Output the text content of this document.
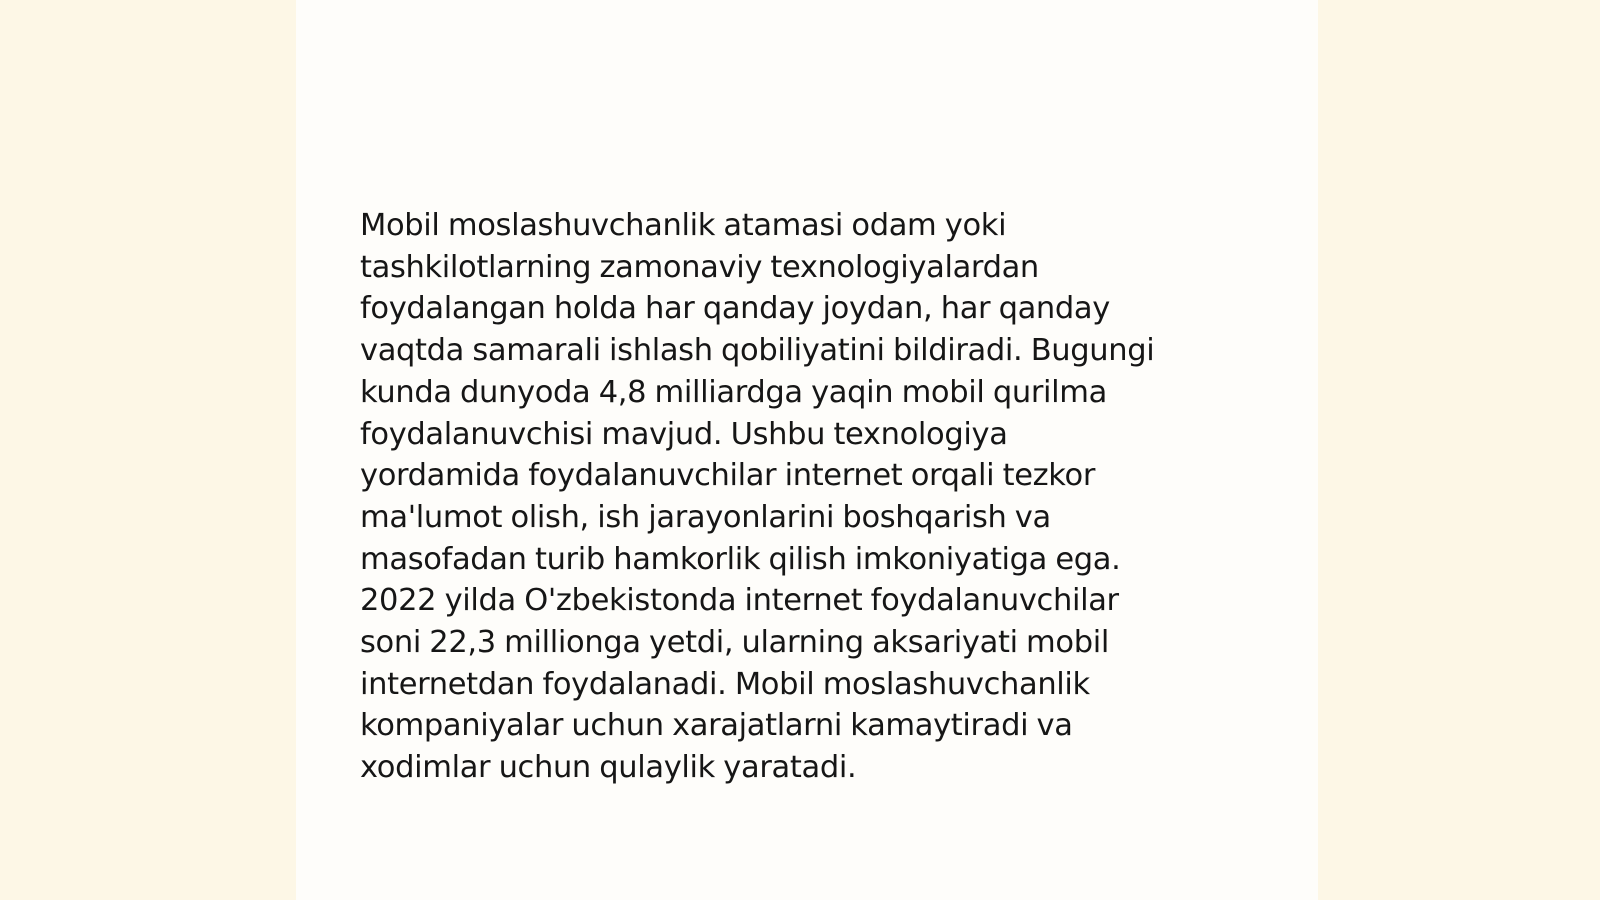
Mobil moslashuvchanlik atamasi odam yoki
tashkilotlarning zamonaviy texnologiyalardan
foydalangan holda har qanday joydan, har qanday
vaqtda samarali ishlash qobiliyatini bildiradi. Bugungi
kunda dunyoda 4,8 milliardga yaqin mobil qurilma
foydalanuvchisi mavjud. Ushbu texnologiya
yordamida foydalanuvchilar internet orqali tezkor
ma'lumot olish, ish jarayonlarini boshqarish va
masofadan turib hamkorlik qilish imkoniyatiga ega.
2022 yilda O'zbekistonda internet foydalanuvchilar
soni 22,3 millionga yetdi, ularning aksariyati mobil
internetdan foydalanadi. Mobil moslashuvchanlik
kompaniyalar uchun xarajatlarni kamaytiradi va
xodimlar uchun qulaylik yaratadi.
